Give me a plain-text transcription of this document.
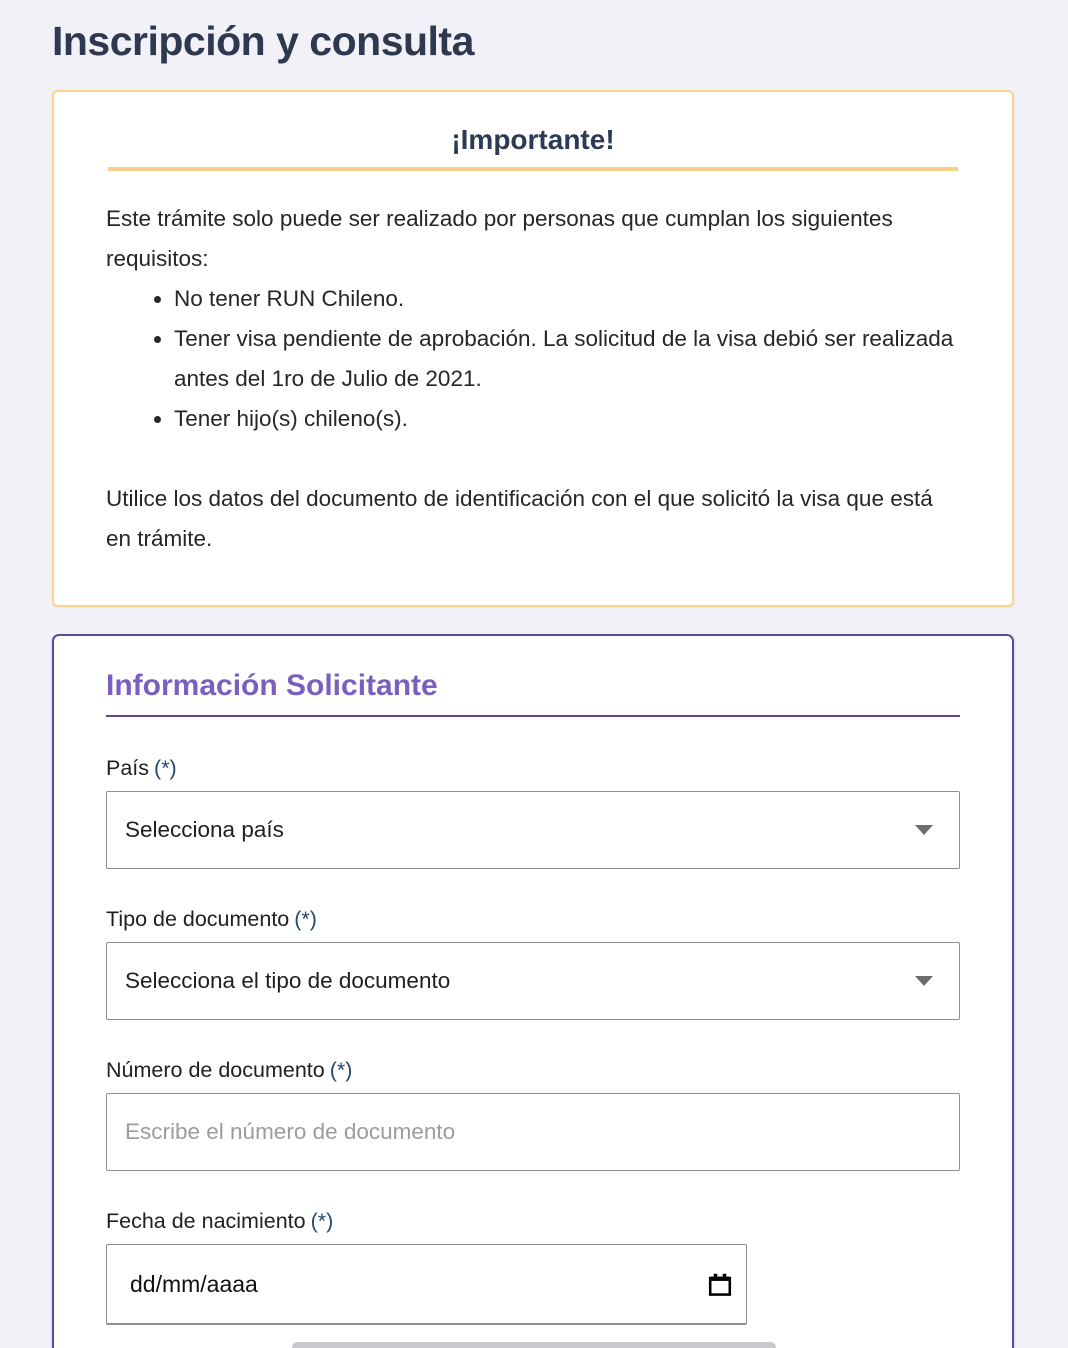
Inscripción y consulta
¡Importante!

Este trámite solo puede ser realizado por personas que cumplan los siguientes requisitos:

• No tener RUN Chileno.
• Tener visa pendiente de aprobación. La solicitud de la visa debió ser realizada antes del 1ro de Julio de 2021.
• Tener hijo(s) chileno(s).

Utilice los datos del documento de identificación con el que solicitó la visa que está en trámite.

Información Solicitante
País (*)
Selecciona país
Tipo de documento (*)
Selecciona el tipo de documento
Número de documento (*)
Escribe el número de documento
Fecha de nacimiento (*)
dd/mm/aaaa
